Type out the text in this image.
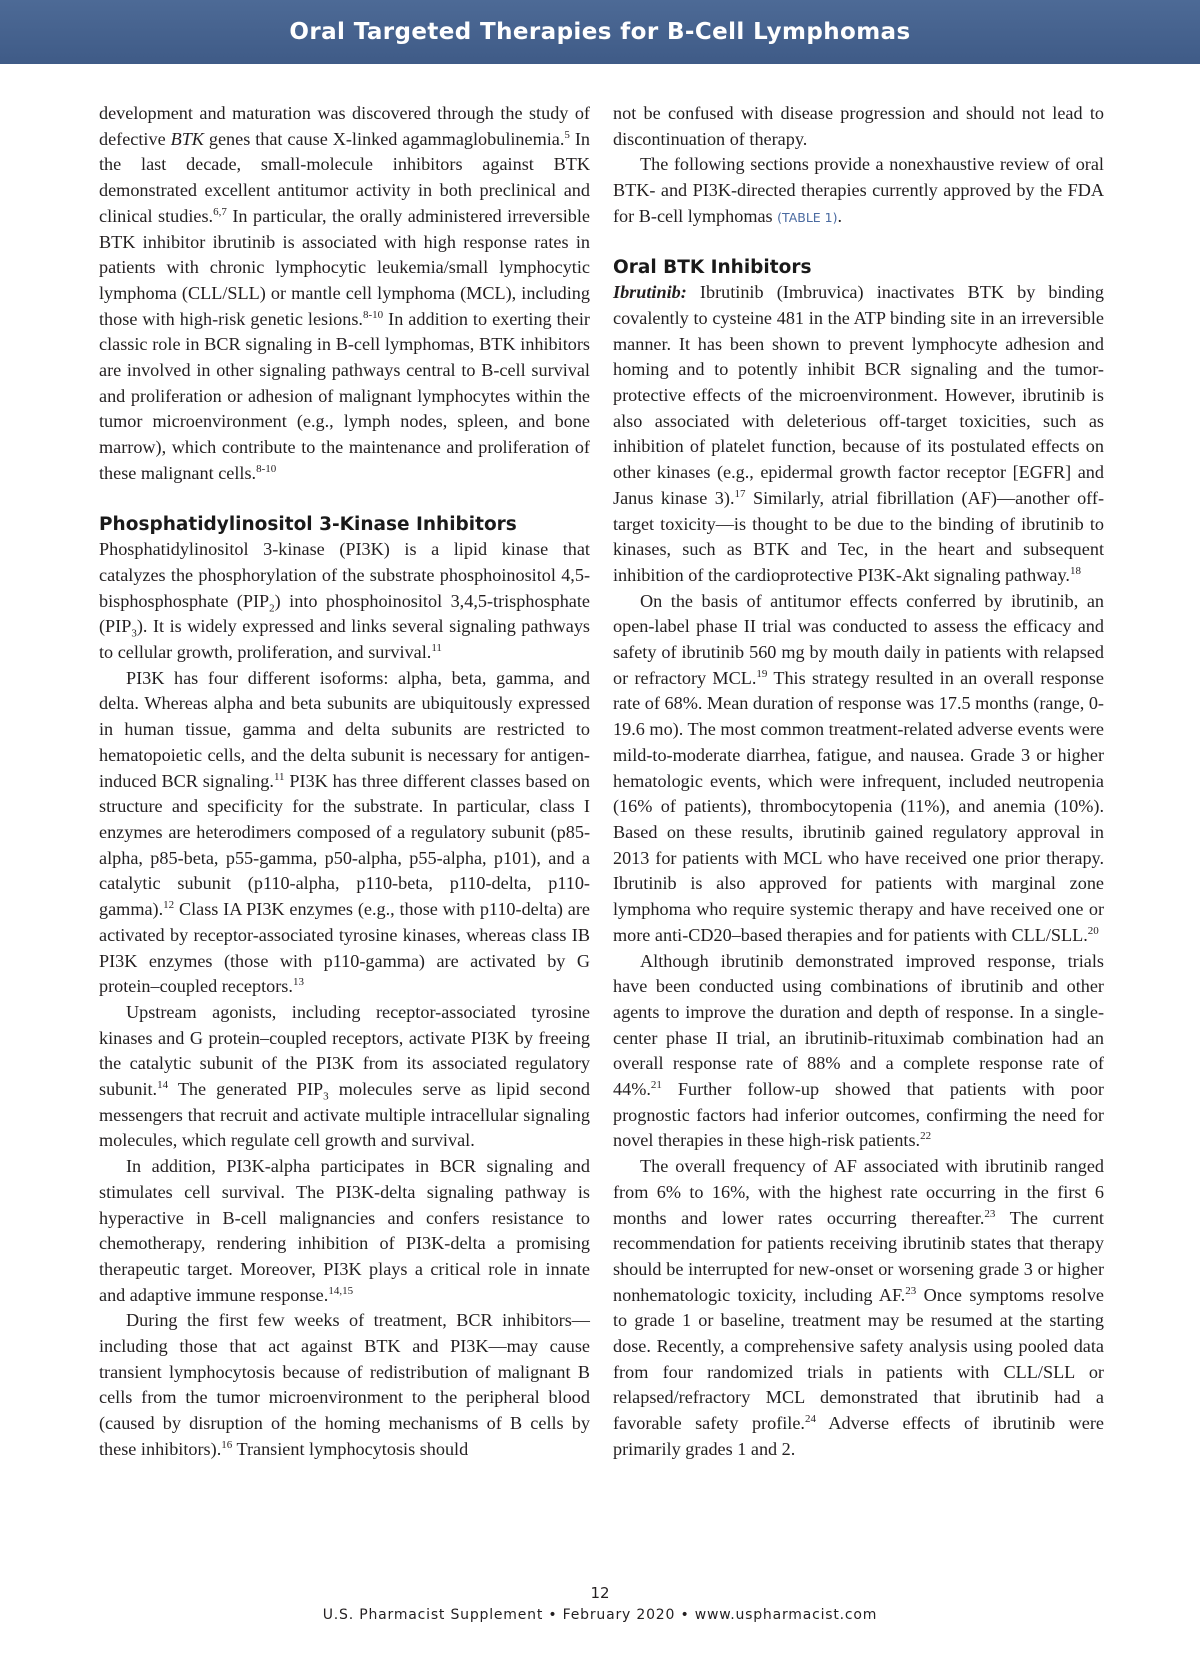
Oral Targeted Therapies for B-Cell Lymphomas

development and maturation was discovered through the study of defective BTK genes that cause X-linked agammaglobulinemia.$^5$ In the last decade, small-molecule inhibitors against BTK demonstrated excellent antitumor activity in both preclinical and clinical studies.$^{6,7}$ In particular, the orally administered irreversible BTK inhibitor ibrutinib is associated with high response rates in patients with chronic lymphocytic leukemia/small lymphocytic lymphoma (CLL/SLL) or mantle cell lymphoma (MCL), including those with high-risk genetic lesions.$^{8-10}$ In addition to exerting their classic role in BCR signaling in B-cell lymphomas, BTK inhibitors are involved in other signaling pathways central to B-cell survival and proliferation or adhesion of malignant lymphocytes within the tumor microenvironment (e.g., lymph nodes, spleen, and bone marrow), which contribute to the maintenance and proliferation of these malignant cells.$^{8-10}$

Phosphatidylinositol 3-Kinase Inhibitors

Phosphatidylinositol 3-kinase (PI3K) is a lipid kinase that catalyzes the phosphorylation of the substrate phosphoinositol 4,5-bisphosphosphate $(PIP_2)$ into phosphoinositol 3,4,5-trisphosphate $(PIP_3)$. It is widely expressed and links several signaling pathways to cellular growth, proliferation, and survival.$^{11}$

PI3K has four different isoforms: alpha, beta, gamma, and delta. Whereas alpha and beta subunits are ubiquitously expressed in human tissue, gamma and delta subunits are restricted to hematopoietic cells, and the delta subunit is necessary for antigen-induced BCR signaling.$^{11}$ PI3K has three different classes based on structure and specificity for the substrate. In particular, class I enzymes are heterodimers composed of a regulatory subunit (p85-alpha, p85-beta, p55-gamma, p50-alpha, p55-alpha, p101), and a catalytic subunit (p110-alpha, p110-beta, p110-delta, p110-gamma).$^{12}$ Class IA PI3K enzymes (e.g., those with p110-delta) are activated by receptor-associated tyrosine kinases, whereas class IB PI3K enzymes (those with p110-gamma) are activated by G protein–coupled receptors.$^{13}$

Upstream agonists, including receptor-associated tyrosine kinases and G protein–coupled receptors, activate PI3K by freeing the catalytic subunit of the PI3K from its associated regulatory subunit.$^{14}$ The generated $PIP_3$ molecules serve as lipid second messengers that recruit and activate multiple intracellular signaling molecules, which regulate cell growth and survival.

In addition, PI3K-alpha participates in BCR signaling and stimulates cell survival. The PI3K-delta signaling pathway is hyperactive in B-cell malignancies and confers resistance to chemotherapy, rendering inhibition of PI3K-delta a promising therapeutic target. Moreover, PI3K plays a critical role in innate and adaptive immune response.$^{14,15}$

During the first few weeks of treatment, BCR inhibitors—including those that act against BTK and PI3K—may cause transient lymphocytosis because of redistribution of malignant B cells from the tumor microenvironment to the peripheral blood (caused by disruption of the homing mechanisms of B cells by these inhibitors).$^{16}$ Transient lymphocytosis should

not be confused with disease progression and should not lead to discontinuation of therapy.

The following sections provide a nonexhaustive review of oral BTK- and PI3K-directed therapies currently approved by the FDA for B-cell lymphomas (TABLE 1).

Oral BTK Inhibitors

Ibrutinib: Ibrutinib (Imbruvica) inactivates BTK by binding covalently to cysteine 481 in the ATP binding site in an irreversible manner. It has been shown to prevent lymphocyte adhesion and homing and to potently inhibit BCR signaling and the tumor-protective effects of the microenvironment. However, ibrutinib is also associated with deleterious off-target toxicities, such as inhibition of platelet function, because of its postulated effects on other kinases (e.g., epidermal growth factor receptor [EGFR] and Janus kinase 3).$^{17}$ Similarly, atrial fibrillation (AF)—another off-target toxicity—is thought to be due to the binding of ibrutinib to kinases, such as BTK and Tec, in the heart and subsequent inhibition of the cardioprotective PI3K-Akt signaling pathway.$^{18}$

On the basis of antitumor effects conferred by ibrutinib, an open-label phase II trial was conducted to assess the efficacy and safety of ibrutinib 560 mg by mouth daily in patients with relapsed or refractory MCL.$^{19}$ This strategy resulted in an overall response rate of 68%. Mean duration of response was 17.5 months (range, 0-19.6 mo). The most common treatment-related adverse events were mild-to-moderate diarrhea, fatigue, and nausea. Grade 3 or higher hematologic events, which were infrequent, included neutropenia (16% of patients), thrombocytopenia (11%), and anemia (10%). Based on these results, ibrutinib gained regulatory approval in 2013 for patients with MCL who have received one prior therapy. Ibrutinib is also approved for patients with marginal zone lymphoma who require systemic therapy and have received one or more anti-CD20–based therapies and for patients with CLL/SLL.$^{20}$

Although ibrutinib demonstrated improved response, trials have been conducted using combinations of ibrutinib and other agents to improve the duration and depth of response. In a single-center phase II trial, an ibrutinib-rituximab combination had an overall response rate of 88% and a complete response rate of 44%.$^{21}$ Further follow-up showed that patients with poor prognostic factors had inferior outcomes, confirming the need for novel therapies in these high-risk patients.$^{22}$

The overall frequency of AF associated with ibrutinib ranged from 6% to 16%, with the highest rate occurring in the first 6 months and lower rates occurring thereafter.$^{23}$ The current recommendation for patients receiving ibrutinib states that therapy should be interrupted for new-onset or worsening grade 3 or higher nonhematologic toxicity, including AF.$^{23}$ Once symptoms resolve to grade 1 or baseline, treatment may be resumed at the starting dose. Recently, a comprehensive safety analysis using pooled data from four randomized trials in patients with CLL/SLL or relapsed/refractory MCL demonstrated that ibrutinib had a favorable safety profile.$^{24}$ Adverse effects of ibrutinib were primarily grades 1 and 2.

12
U.S. Pharmacist Supplement • February 2020 • www.uspharmacist.com
